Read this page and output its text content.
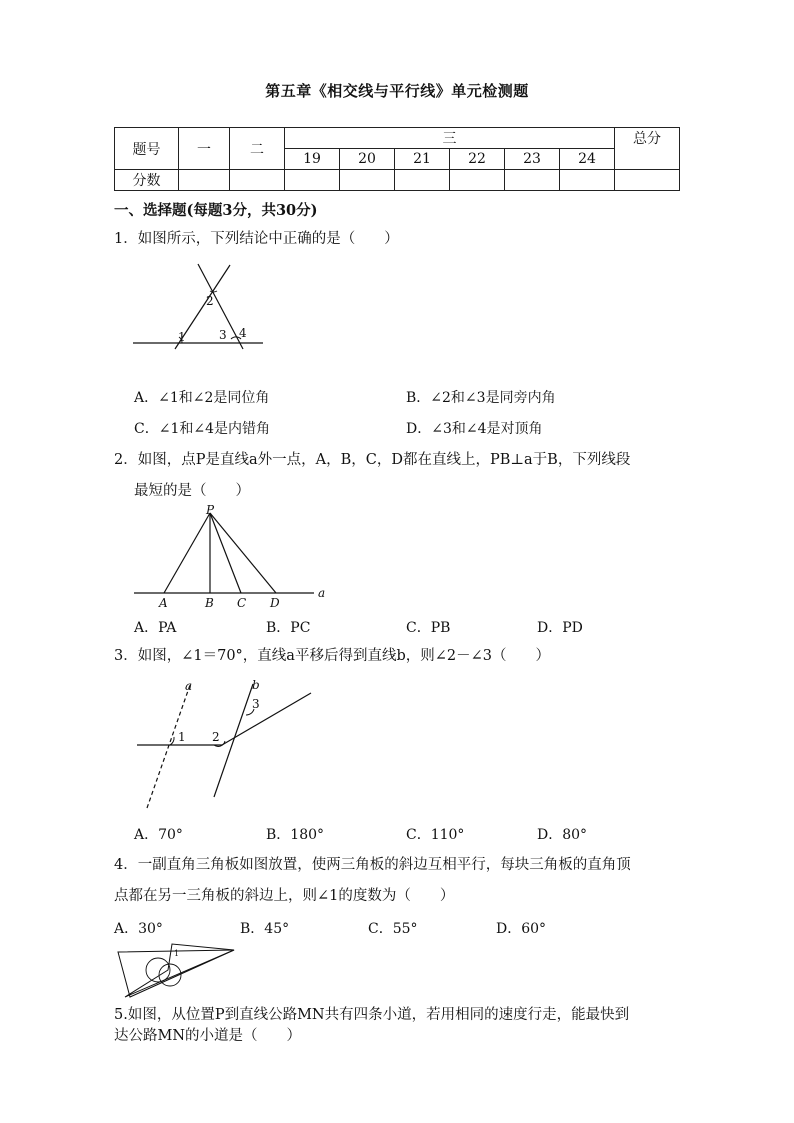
第五章《相交线与平行线》单元检测题
题号	一	二	三						总分
			19	20	21	22	23	24	
分数									
一、选择题(每题3分，共30分)
1．如图所示，下列结论中正确的是（　　）
2
1	3 4
A．∠1和∠2是同位角	B．∠2和∠3是同旁内角
C．∠1和∠4是内错角	D．∠3和∠4是对顶角
2．如图，点P是直线a外一点，A，B，C，D都在直线上，PB⊥a于B，下列线段
最短的是（　　）
P
A	B C D
a
A．PA	B．PC	C．PB	D．PD
3．如图，∠1＝70°，直线a平移后得到直线b，则∠2－∠3（　　）
a	b
1 2
3
A．70°	B．180°	C．110°	D．80°
4．一副直角三角板如图放置，使两三角板的斜边互相平行，每块三角板的直角顶
点都在另一三角板的斜边上，则∠1的度数为（　　）
A．30°	B．45°	C．55°	D．60°
1
5.如图，从位置P到直线公路MN共有四条小道，若用相同的速度行走，能最快到
达公路MN的小道是（　　）
